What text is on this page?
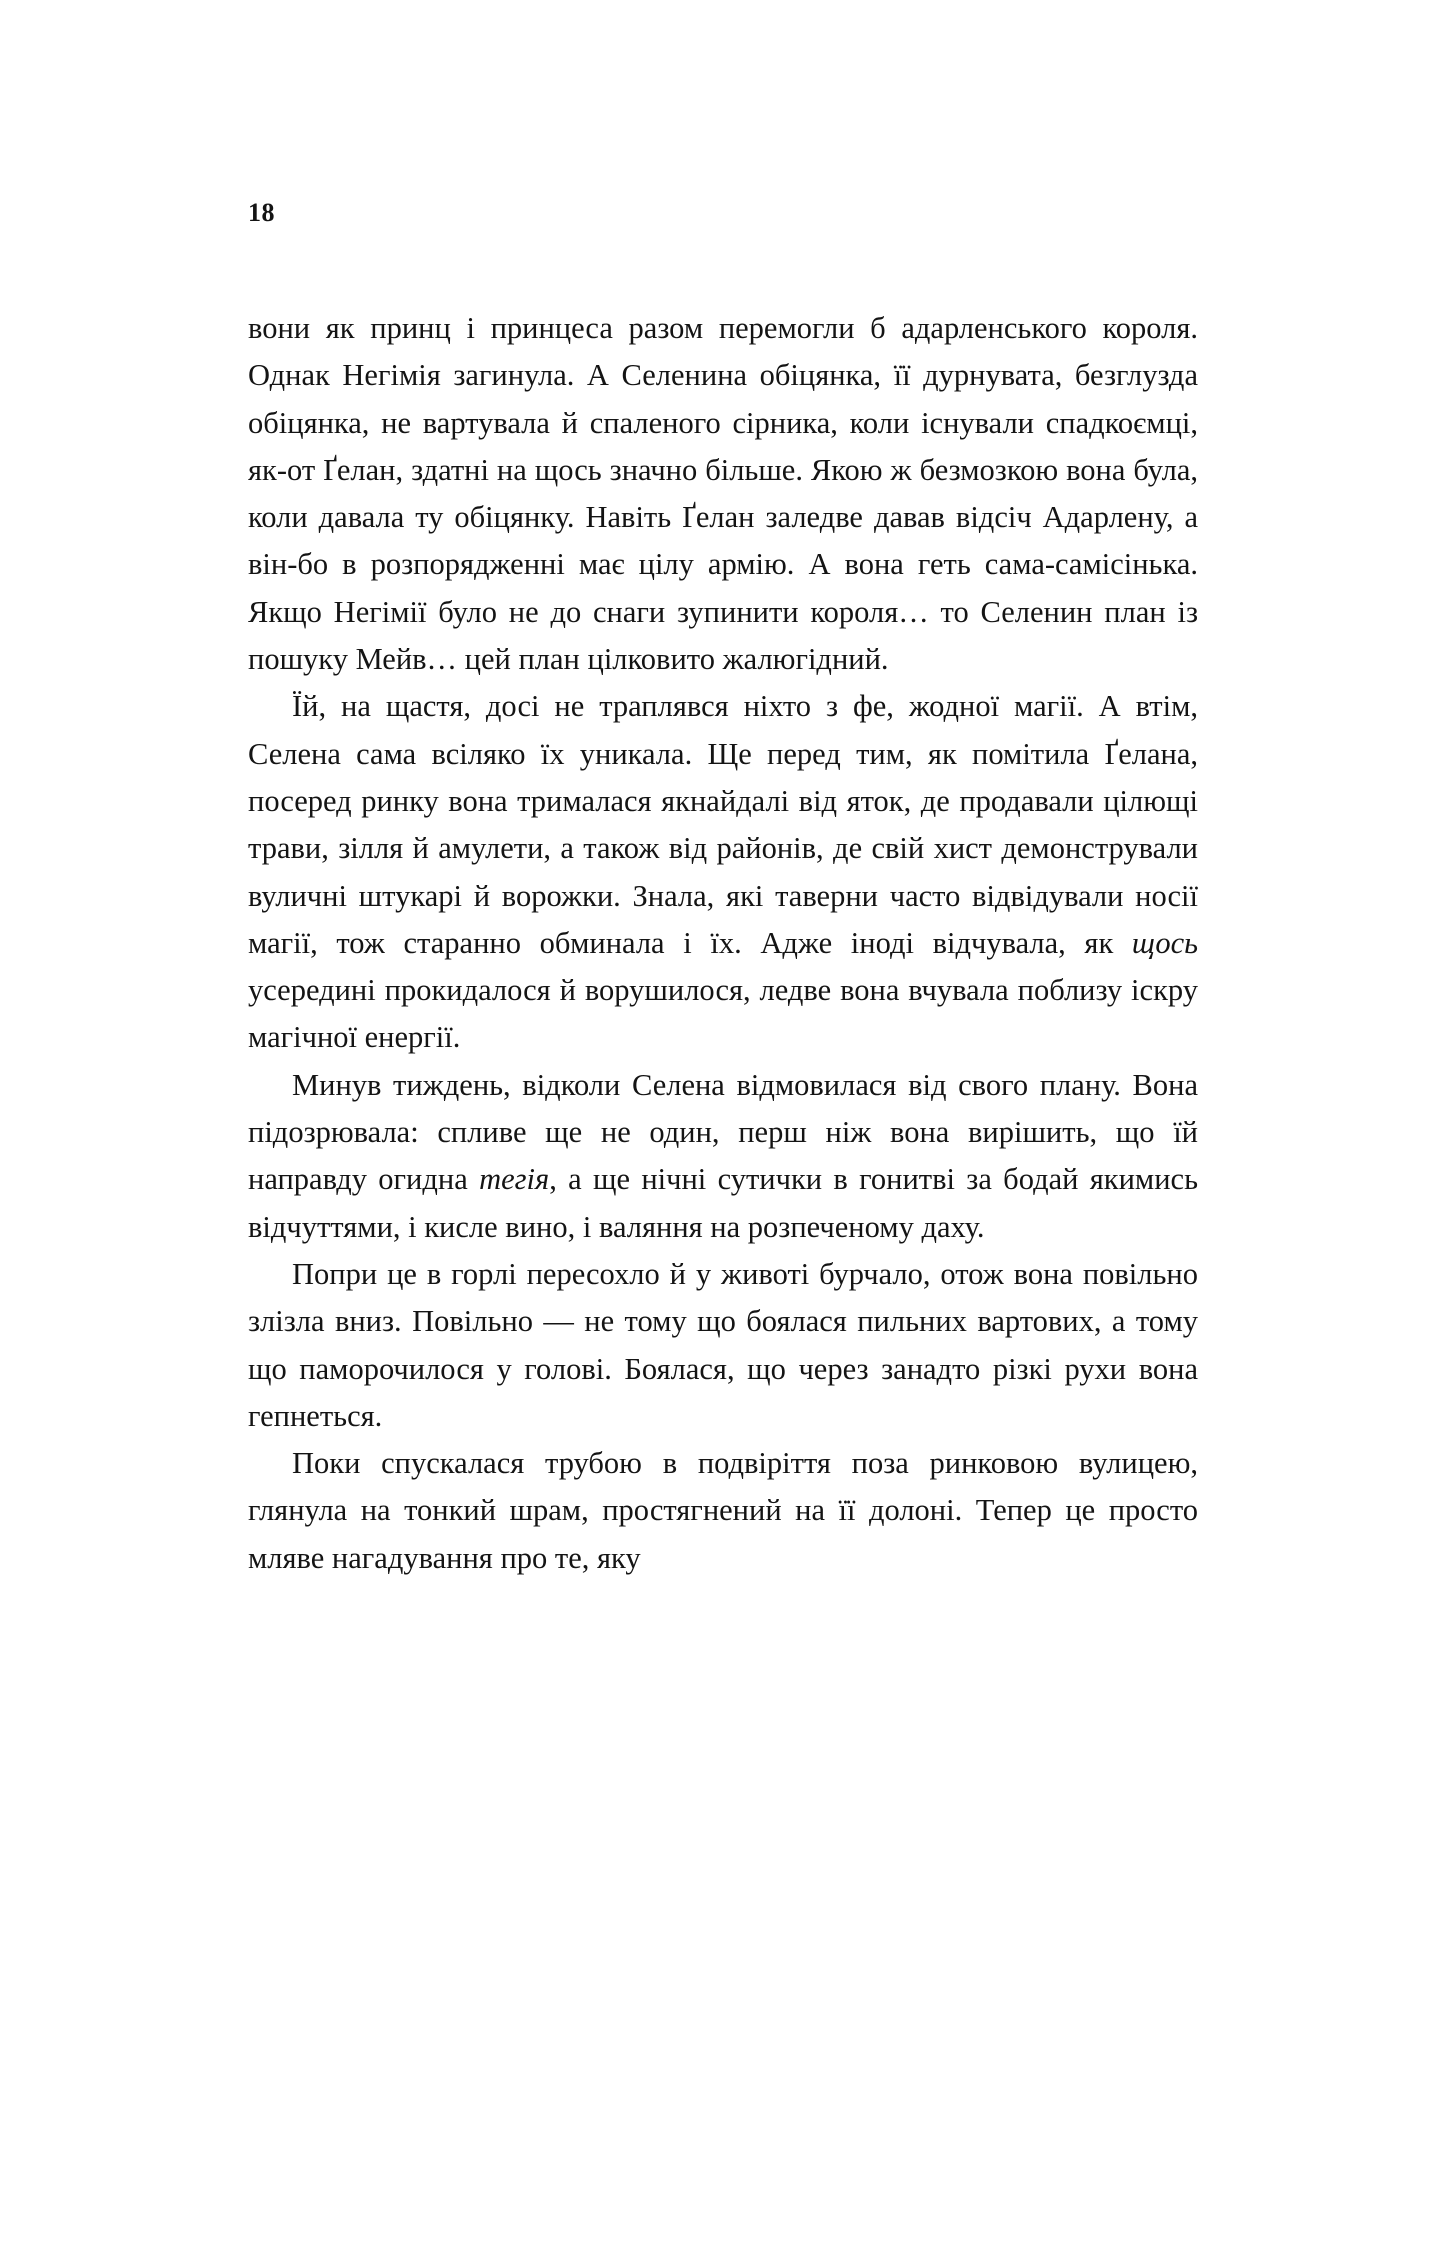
18

вони як принц і принцеса разом перемогли б адарленського короля. Однак Негімія загинула. А Селенина обіцянка, її дурнувата, безглузда обіцянка, не вартувала й спаленого сірника, коли існували спадкоємці, як-от Ґелан, здатні на щось значно більше. Якою ж безмозкою вона була, коли давала ту обіцянку. Навіть Ґелан заледве давав відсіч Адарлену, а він-бо в розпорядженні має цілу армію. А вона геть сама-самісінька. Якщо Негімії було не до снаги зупинити короля… то Селенин план із пошуку Мейв… цей план цілковито жалюгідний.

Їй, на щастя, досі не траплявся ніхто з фе, жодної магії. А втім, Селена сама всіляко їх уникала. Ще перед тим, як помітила Ґелана, посеред ринку вона трималася якнайдалі від яток, де продавали цілющі трави, зілля й амулети, а також від районів, де свій хист демонстрували вуличні штукарі й ворожки. Знала, які таверни часто відвідували носії магії, тож старанно обминала і їх. Адже іноді відчувала, як щось усередині прокидалося й ворушилося, ледве вона вчувала поблизу іскру магічної енергії.

Минув тиждень, відколи Селена відмовилася від свого плану. Вона підозрювала: спливе ще не один, перш ніж вона вирішить, що їй направду огидна тегія, а ще нічні сутички в гонитві за бодай якимись відчуттями, і кисле вино, і валяння на розпеченому даху.

Попри це в горлі пересохло й у животі бурчало, отож вона повільно злізла вниз. Повільно — не тому що боялася пильних вартових, а тому що паморочилося у голові. Боялася, що через занадто різкі рухи вона гепнеться.

Поки спускалася трубою в подвіріття поза ринковою вулицею, глянула на тонкий шрам, простягнений на її долоні. Тепер це просто мляве нагадування про те, яку
